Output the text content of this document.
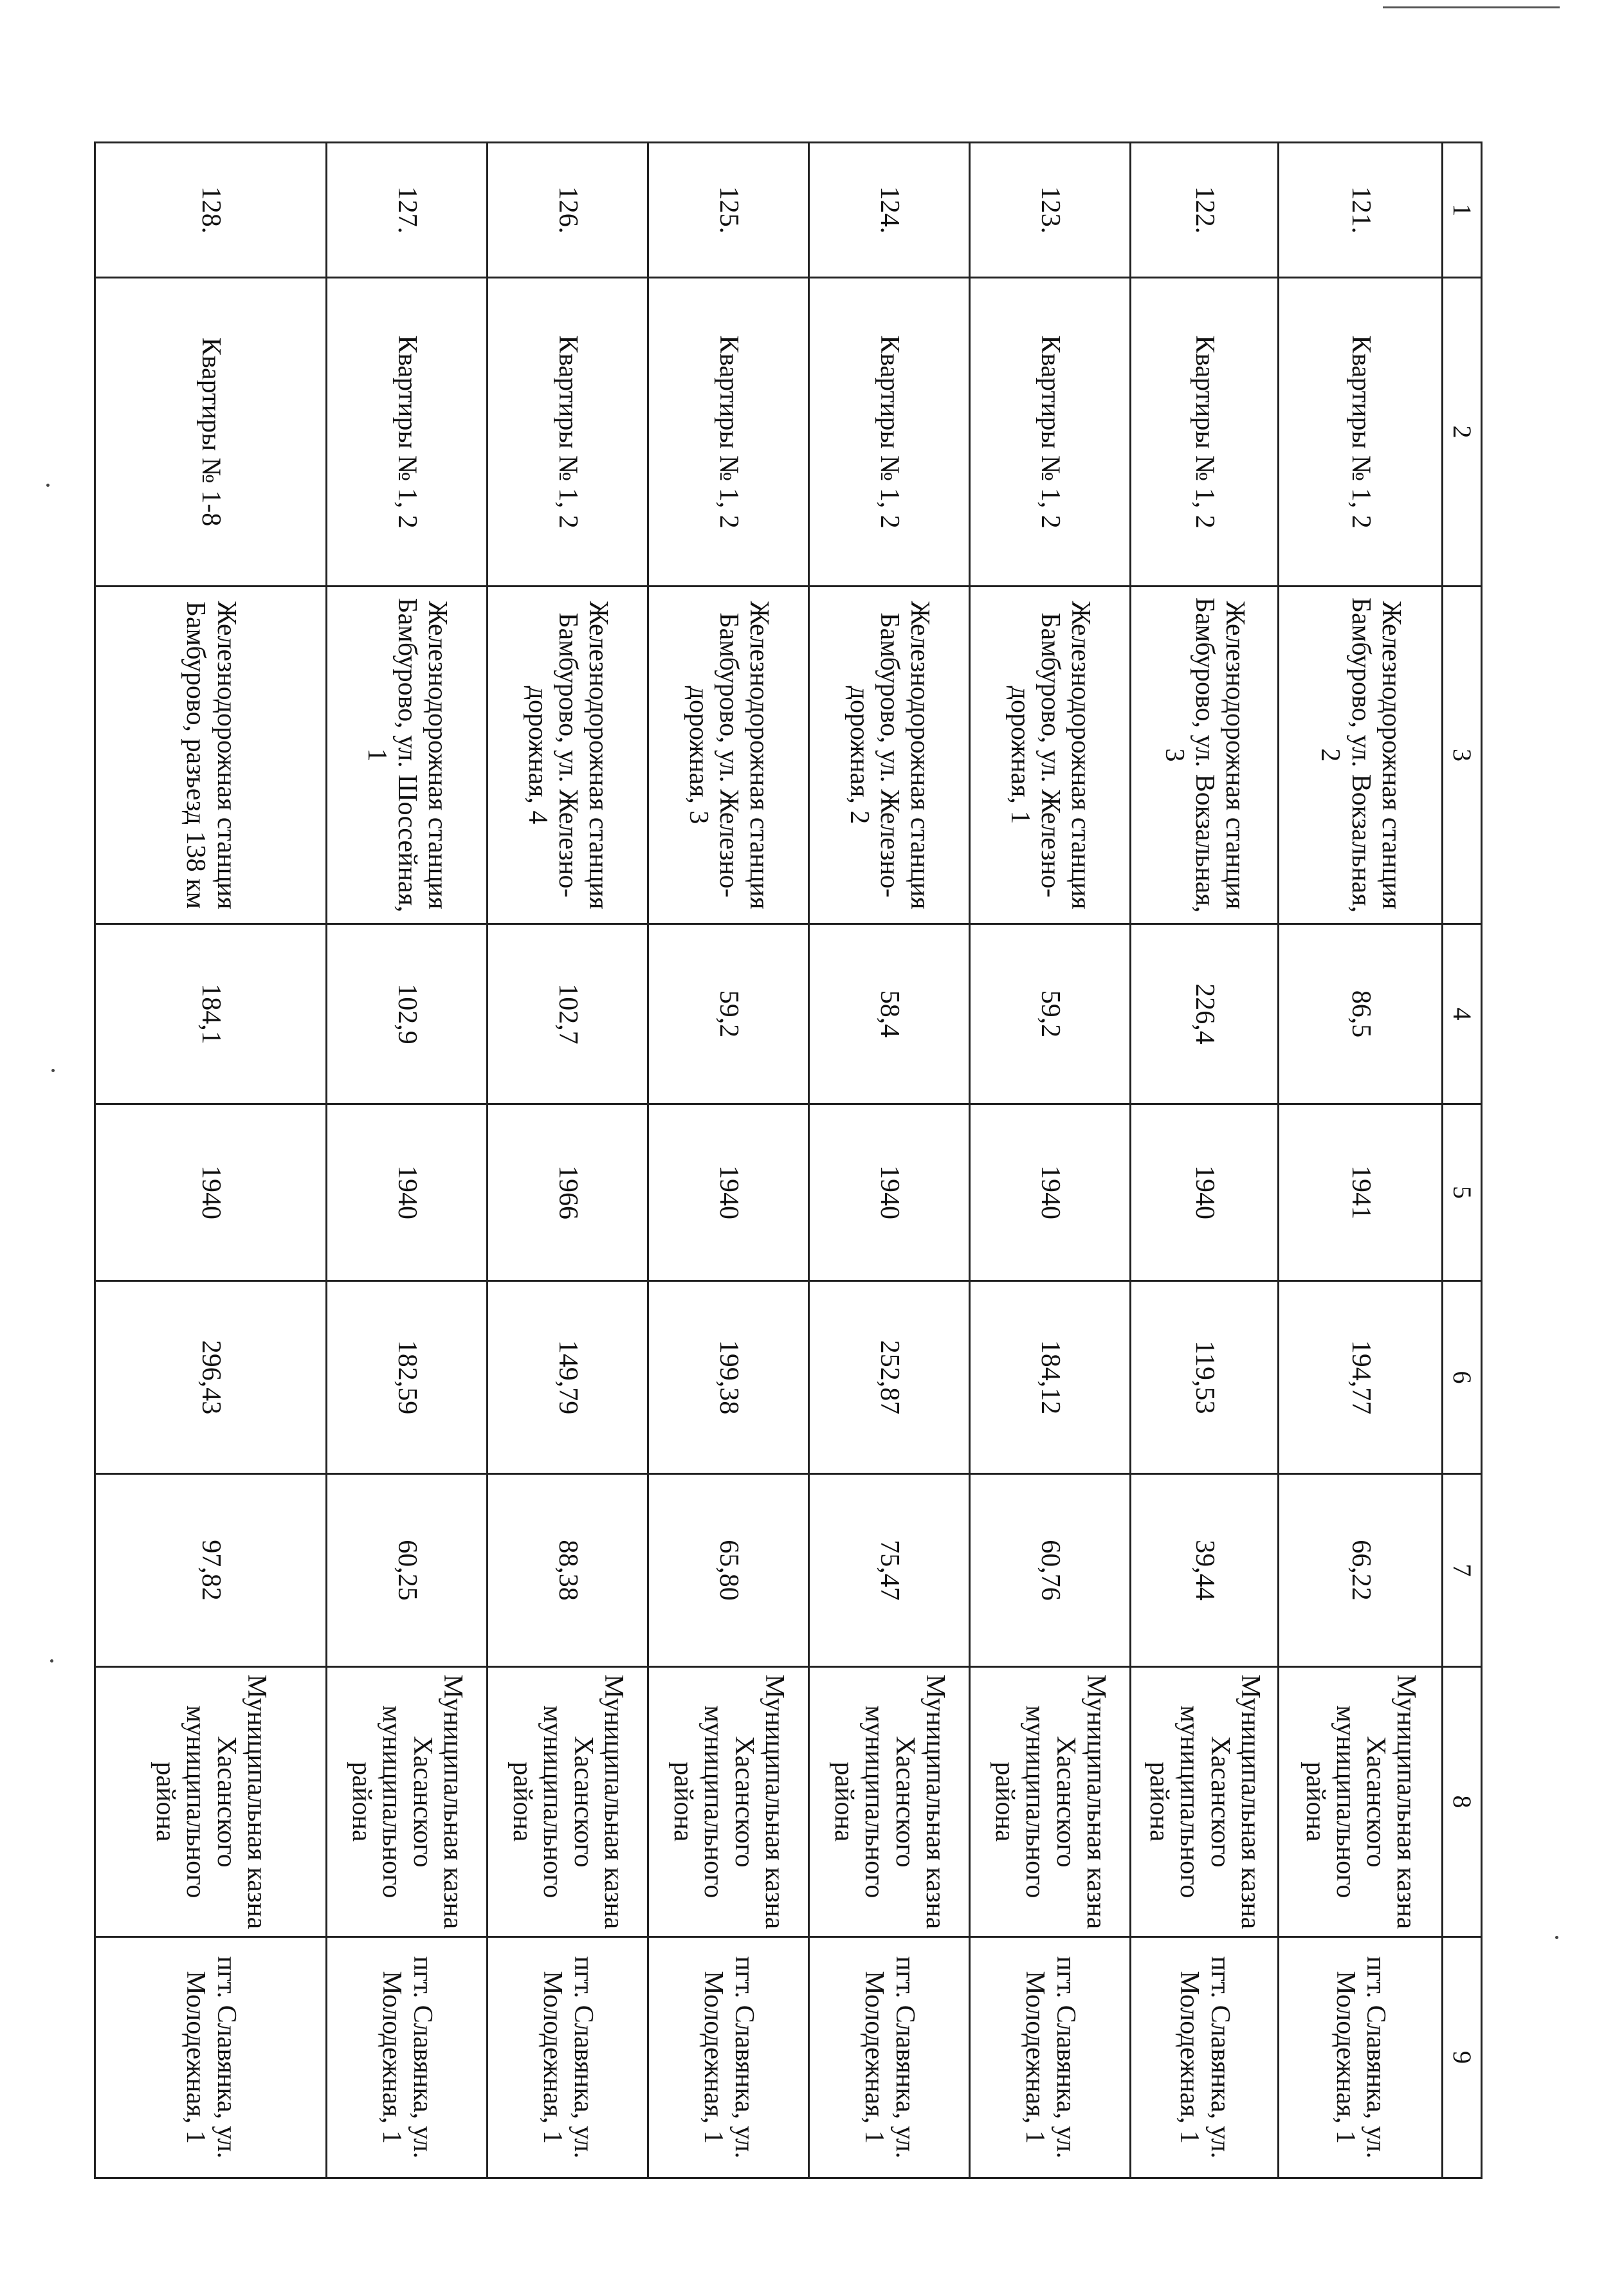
1	2	3	4	5	6	7	8	9
121.	Квартиры № 1, 2	Железнодорожная станция Бамбурово, ул. Вокзальная, 2	86,5	1941	194,77	66,22	Муниципальная казна Хасанского муниципального района	пгт. Славянка, ул. Молодежная, 1
122.	Квартиры № 1, 2	Железнодорожная станция Бамбурово, ул. Вокзальная, 3	226,4	1940	119,53	39,44	Муниципальная казна Хасанского муниципального района	пгт. Славянка, ул. Молодежная, 1
123.	Квартиры № 1, 2	Железнодорожная станция Бамбурово, ул. Железно-дорожная, 1	59,2	1940	184,12	60,76	Муниципальная казна Хасанского муниципального района	пгт. Славянка, ул. Молодежная, 1
124.	Квартиры № 1, 2	Железнодорожная станция Бамбурово, ул. Железно-дорожная, 2	58,4	1940	252,87	75,47	Муниципальная казна Хасанского муниципального района	пгт. Славянка, ул. Молодежная, 1
125.	Квартиры № 1, 2	Железнодорожная станция Бамбурово, ул. Железно-дорожная, 3	59,2	1940	199,38	65,80	Муниципальная казна Хасанского муниципального района	пгт. Славянка, ул. Молодежная, 1
126.	Квартиры № 1, 2	Железнодорожная станция Бамбурово, ул. Железно-дорожная, 4	102,7	1966	149,79	88,38	Муниципальная казна Хасанского муниципального района	пгт. Славянка, ул. Молодежная, 1
127.	Квартиры № 1, 2	Железнодорожная станция Бамбурово, ул. Шоссейная, 1	102,9	1940	182,59	60,25	Муниципальная казна Хасанского муниципального района	пгт. Славянка, ул. Молодежная, 1
128.	Квартиры № 1-8	Железнодорожная станция Бамбурово, разъезд 138 км	184,1	1940	296,43	97,82	Муниципальная казна Хасанского муниципального района	пгт. Славянка, ул. Молодежная, 1
